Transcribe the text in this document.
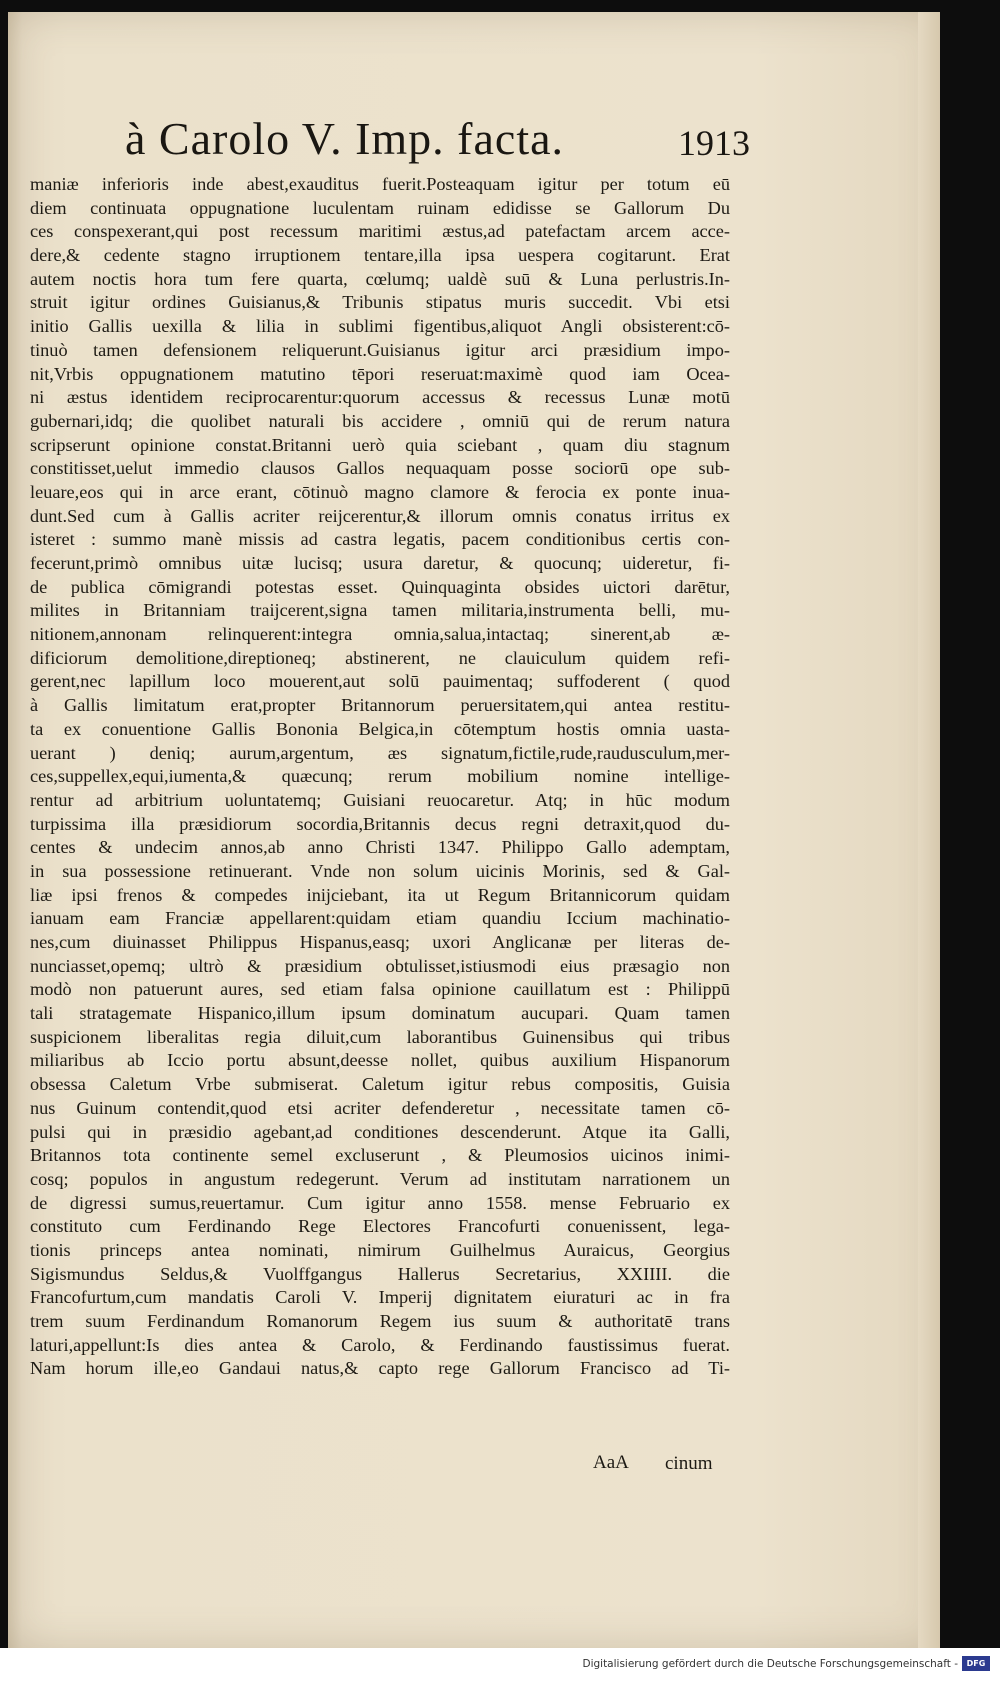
à Carolo V. Imp. facta.	1913
maniæ inferioris inde abest,exauditus fuerit.Posteaquam igitur per totum eū
diem continuata oppugnatione luculentam ruinam edidisse se Gallorum Du
ces conspexerant,qui post recessum maritimi æstus,ad patefactam arcem acce-
dere,& cedente stagno irruptionem tentare,illa ipsa uespera cogitarunt. Erat
autem noctis hora tum fere quarta, cœlumq; ualdè suū & Luna perlustris.In-
struit igitur ordines Guisianus,& Tribunis stipatus muris succedit. Vbi etsi
initio Gallis uexilla & lilia in sublimi figentibus,aliquot Angli obsisterent:cō-
tinuò tamen defensionem reliquerunt.Guisianus igitur arci præsidium impo-
nit,Vrbis oppugnationem matutino tēpori reseruat:maximè quod iam Ocea-
ni æstus identidem reciprocarentur:quorum accessus & recessus Lunæ motū
gubernari,idq; die quolibet naturali bis accidere , omniū qui de rerum natura
scripserunt opinione constat.Britanni uerò quia sciebant , quam diu stagnum
constitisset,uelut immedio clausos Gallos nequaquam posse sociorū ope sub-
leuare,eos qui in arce erant, cōtinuò magno clamore & ferocia ex ponte inua-
dunt.Sed cum à Gallis acriter reijcerentur,& illorum omnis conatus irritus ex
isteret : summo manè missis ad castra legatis, pacem conditionibus certis con-
fecerunt,primò omnibus uitæ lucisq; usura daretur, & quocunq; uideretur, fi-
de publica cōmigrandi potestas esset. Quinquaginta obsides uictori darētur,
milites in Britanniam traijcerent,signa tamen militaria,instrumenta belli, mu-
nitionem,annonam relinquerent:integra omnia,salua,intactaq; sinerent,ab æ-
dificiorum demolitione,direptioneq; abstinerent, ne clauiculum quidem refi-
gerent,nec lapillum loco mouerent,aut solū pauimentaq; suffoderent ( quod
à Gallis limitatum erat,propter Britannorum peruersitatem,qui antea restitu-
ta ex conuentione Gallis Bononia Belgica,in cōtemptum hostis omnia uasta-
uerant ) deniq; aurum,argentum, æs signatum,fictile,rude,raudusculum,mer-
ces,suppellex,equi,iumenta,& quæcunq; rerum mobilium nomine intellige-
rentur ad arbitrium uoluntatemq; Guisiani reuocaretur. Atq; in hūc modum
turpissima illa præsidiorum socordia,Britannis decus regni detraxit,quod du-
centes & undecim annos,ab anno Christi 1347. Philippo Gallo ademptam,
in sua possessione retinuerant. Vnde non solum uicinis Morinis, sed & Gal-
liæ ipsi frenos & compedes inijciebant, ita ut Regum Britannicorum quidam
ianuam eam Franciæ appellarent:quidam etiam quandiu Iccium machinatio-
nes,cum diuinasset Philippus Hispanus,easq; uxori Anglicanæ per literas de-
nunciasset,opemq; ultrò & præsidium obtulisset,istiusmodi eius præsagio non
modò non patuerunt aures, sed etiam falsa opinione cauillatum est : Philippū
tali stratagemate Hispanico,illum ipsum dominatum aucupari. Quam tamen
suspicionem liberalitas regia diluit,cum laborantibus Guinensibus qui tribus
miliaribus ab Iccio portu absunt,deesse nollet, quibus auxilium Hispanorum
obsessa Caletum Vrbe submiserat. Caletum igitur rebus compositis, Guisia
nus Guinum contendit,quod etsi acriter defenderetur , necessitate tamen cō-
pulsi qui in præsidio agebant,ad conditiones descenderunt. Atque ita Galli,
Britannos tota continente semel excluserunt , & Pleumosios uicinos inimi-
cosq; populos in angustum redegerunt. Verum ad institutam narrationem un
de digressi sumus,reuertamur. Cum igitur anno 1558. mense Februario ex
constituto cum Ferdinando Rege Electores Francofurti conuenissent, lega-
tionis princeps antea nominati, nimirum Guilhelmus Auraicus, Georgius
Sigismundus Seldus,& Vuolffgangus Hallerus Secretarius, XXIIII. die
Francofurtum,cum mandatis Caroli V. Imperij dignitatem eiuraturi ac in fra
trem suum Ferdinandum Romanorum Regem ius suum & authoritatē trans
laturi,appellunt:Is dies antea & Carolo, & Ferdinando faustissimus fuerat.
Nam horum ille,eo Gandaui natus,& capto rege Gallorum Francisco ad Ti-
AaA cinum
Digitalisierung gefördert durch die Deutsche Forschungsgemeinschaft -	DFG
